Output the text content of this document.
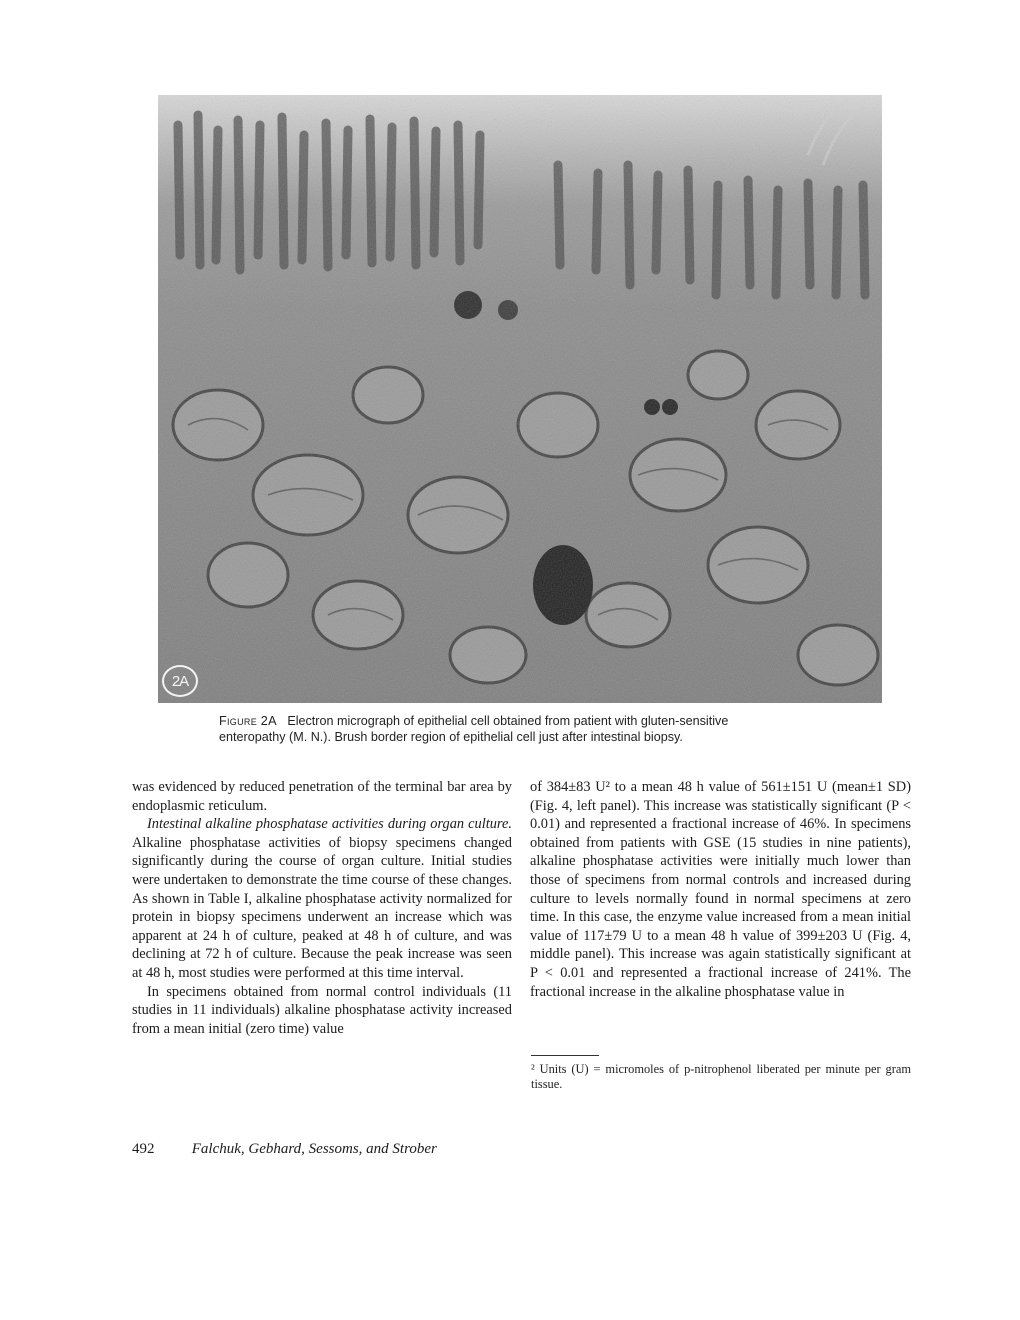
2A
Figure 2A Electron micrograph of epithelial cell obtained from patient with gluten-sensitive
enteropathy (M. N.). Brush border region of epithelial cell just after intestinal biopsy.

was evidenced by reduced penetration of the terminal bar area by endoplasmic reticulum.

Intestinal alkaline phosphatase activities during organ culture. Alkaline phosphatase activities of biopsy specimens changed significantly during the course of organ culture. Initial studies were undertaken to demonstrate the time course of these changes. As shown in Table I, alkaline phosphatase activity normalized for protein in biopsy specimens underwent an increase which was apparent at 24 h of culture, peaked at 48 h of culture, and was declining at 72 h of culture. Because the peak increase was seen at 48 h, most studies were performed at this time interval.

In specimens obtained from normal control individuals (11 studies in 11 individuals) alkaline phosphatase activity increased from a mean initial (zero time) value

of 384±83 U² to a mean 48 h value of 561±151 U (mean±1 SD) (Fig. 4, left panel). This increase was statistically significant (P < 0.01) and represented a fractional increase of 46%. In specimens obtained from patients with GSE (15 studies in nine patients), alkaline phosphatase activities were initially much lower than those of specimens from normal controls and increased during culture to levels normally found in normal specimens at zero time. In this case, the enzyme value increased from a mean initial value of 117±79 U to a mean 48 h value of 399±203 U (Fig. 4, middle panel). This increase was again statistically significant at P < 0.01 and represented a fractional increase of 241%. The fractional increase in the alkaline phosphatase value in

² Units (U) = micromoles of p-nitrophenol liberated per minute per gram tissue.
492 Falchuk, Gebhard, Sessoms, and Strober
